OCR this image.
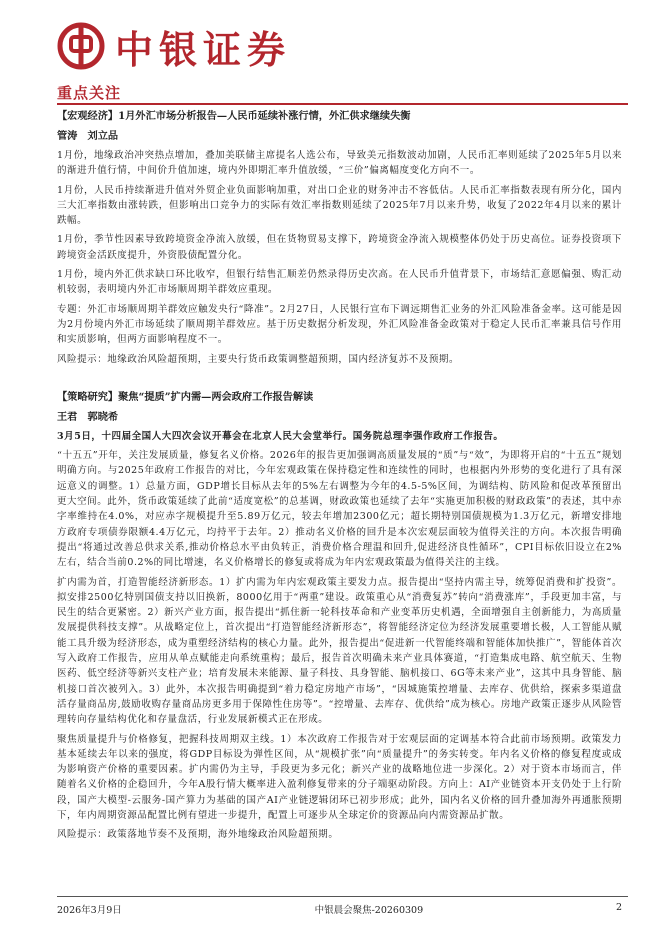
中银证券
重点关注

【宏观经济】1月外汇市场分析报告—人民币延续补涨行情，外汇供求继续失衡

管涛　刘立品

1月份，地缘政治冲突热点增加，叠加美联储主席提名人选公布，导致美元指数波动加剧，人民币汇率则延续了2025年5月以来的渐进升值行情，中间价升值加速，境内外即期汇率升值放缓，“三价”偏离幅度变化方向不一。

1月份，人民币持续渐进升值对外贸企业负面影响加重，对出口企业的财务冲击不容低估。人民币汇率指数表现有所分化，国内三大汇率指数由涨转跌，但影响出口竞争力的实际有效汇率指数则延续了2025年7月以来升势，收复了2022年4月以来的累计跌幅。

1月份，季节性因素导致跨境资金净流入放缓，但在货物贸易支撑下，跨境资金净流入规模整体仍处于历史高位。证券投资项下跨境资金活跃度提升，外资股债配置分化。

1月份，境内外汇供求缺口环比收窄，但银行结售汇顺差仍然录得历史次高。在人民币升值背景下，市场结汇意愿偏强、购汇动机较弱，表明境内外汇市场顺周期羊群效应重现。

专题：外汇市场顺周期羊群效应触发央行“降准”。2月27日，人民银行宣布下调远期售汇业务的外汇风险准备金率。这可能是因为2月份境内外汇市场延续了顺周期羊群效应。基于历史数据分析发现，外汇风险准备金政策对于稳定人民币汇率兼具信号作用和实质影响，但两方面影响程度不一。

风险提示：地缘政治风险超预期，主要央行货币政策调整超预期，国内经济复苏不及预期。

【策略研究】聚焦“提质”扩内需—两会政府工作报告解读

王君　郭晓希

3月5日，十四届全国人大四次会议开幕会在北京人民大会堂举行。国务院总理李强作政府工作报告。

“十五五”开年，关注发展质量，修复名义价格。2026年的报告更加强调高质量发展的“质”与“效”，为即将开启的“十五五”规划明确方向。与2025年政府工作报告的对比，今年宏观政策在保持稳定性和连续性的同时，也根据内外形势的变化进行了具有深远意义的调整。1）总量方面，GDP增长目标从去年的5%左右调整为今年的4.5-5%区间，为调结构、防风险和促改革预留出更大空间。此外，货币政策延续了此前“适度宽松”的总基调，财政政策也延续了去年“实施更加积极的财政政策”的表述，其中赤字率维持在4.0%，对应赤字规模提升至5.89万亿元，较去年增加2300亿元；超长期特别国债规模为1.3万亿元，新增安排地方政府专项债券限额4.4万亿元，均持平于去年。2）推动名义价格的回升是本次宏观层面较为值得关注的方向。本次报告明确提出“将通过改善总供求关系,推动价格总水平由负转正，消费价格合理温和回升,促进经济良性循环”，CPI目标依旧设立在2%左右，结合当前0.2%的同比增速，名义价格增长的修复或将成为年内宏观政策最为值得关注的主线。

扩内需为首，打造智能经济新形态。1）扩内需为年内宏观政策主要发力点。报告提出“坚持内需主导，统筹促消费和扩投资”。拟安排2500亿特别国债支持以旧换新，8000亿用于“两重”建设。政策重心从“消费复苏”转向“消费涨库”，手段更加丰富，与民生的结合更紧密。2）新兴产业方面，报告提出“抓住新一轮科技革命和产业变革历史机遇，全面增强自主创新能力，为高质量发展提供科技支撑”。从战略定位上，首次提出“打造智能经济新形态”，将智能经济定位为经济发展重要增长极，人工智能从赋能工具升级为经济形态，成为重塑经济结构的核心力量。此外，报告提出“促进新一代智能终端和智能体加快推广”，智能体首次写入政府工作报告，应用从单点赋能走向系统重构；最后，报告首次明确未来产业具体赛道，“打造集成电路、航空航天、生物医药、低空经济等新兴支柱产业；培育发展未来能源、量子科技、具身智能、脑机接口、6G等未来产业”，这其中具身智能、脑机接口首次被列入。3）此外，本次报告明确提到“着力稳定房地产市场”，“因城施策控增量、去库存、优供给，探索多渠道盘活存量商品房,鼓励收购存量商品房更多用于保障性住房等”。“控增量、去库存、优供给”成为核心。房地产政策正逐步从风险管理转向存量结构优化和存量盘活，行业发展新模式正在形成。

聚焦质量提升与价格修复，把握科技周期双主线。1）本次政府工作报告对于宏观层面的定调基本符合此前市场预期。政策发力基本延续去年以来的强度，将GDP目标设为弹性区间，从“规模扩张”向“质量提升”的务实转变。年内名义价格的修复程度或成为影响资产价格的重要因素。扩内需仍为主导，手段更为多元化；新兴产业的战略地位进一步深化。2）对于资本市场而言，伴随着名义价格的企稳回升，今年A股行情大概率进入盈利修复带来的分子端驱动阶段。方向上：AI产业链资本开支仍处于上行阶段，国产大模型-云服务-国产算力为基础的国产AI产业链逻辑闭环已初步形成；此外，国内名义价格的回升叠加海外再通胀预期下，年内周期资源品配置比例有望进一步提升，配置上可逐步从全球定价的资源品向内需资源品扩散。

风险提示：政策落地节奏不及预期，海外地缘政治风险超预期。

2026年3月9日	中银晨会聚焦-20260309	2
